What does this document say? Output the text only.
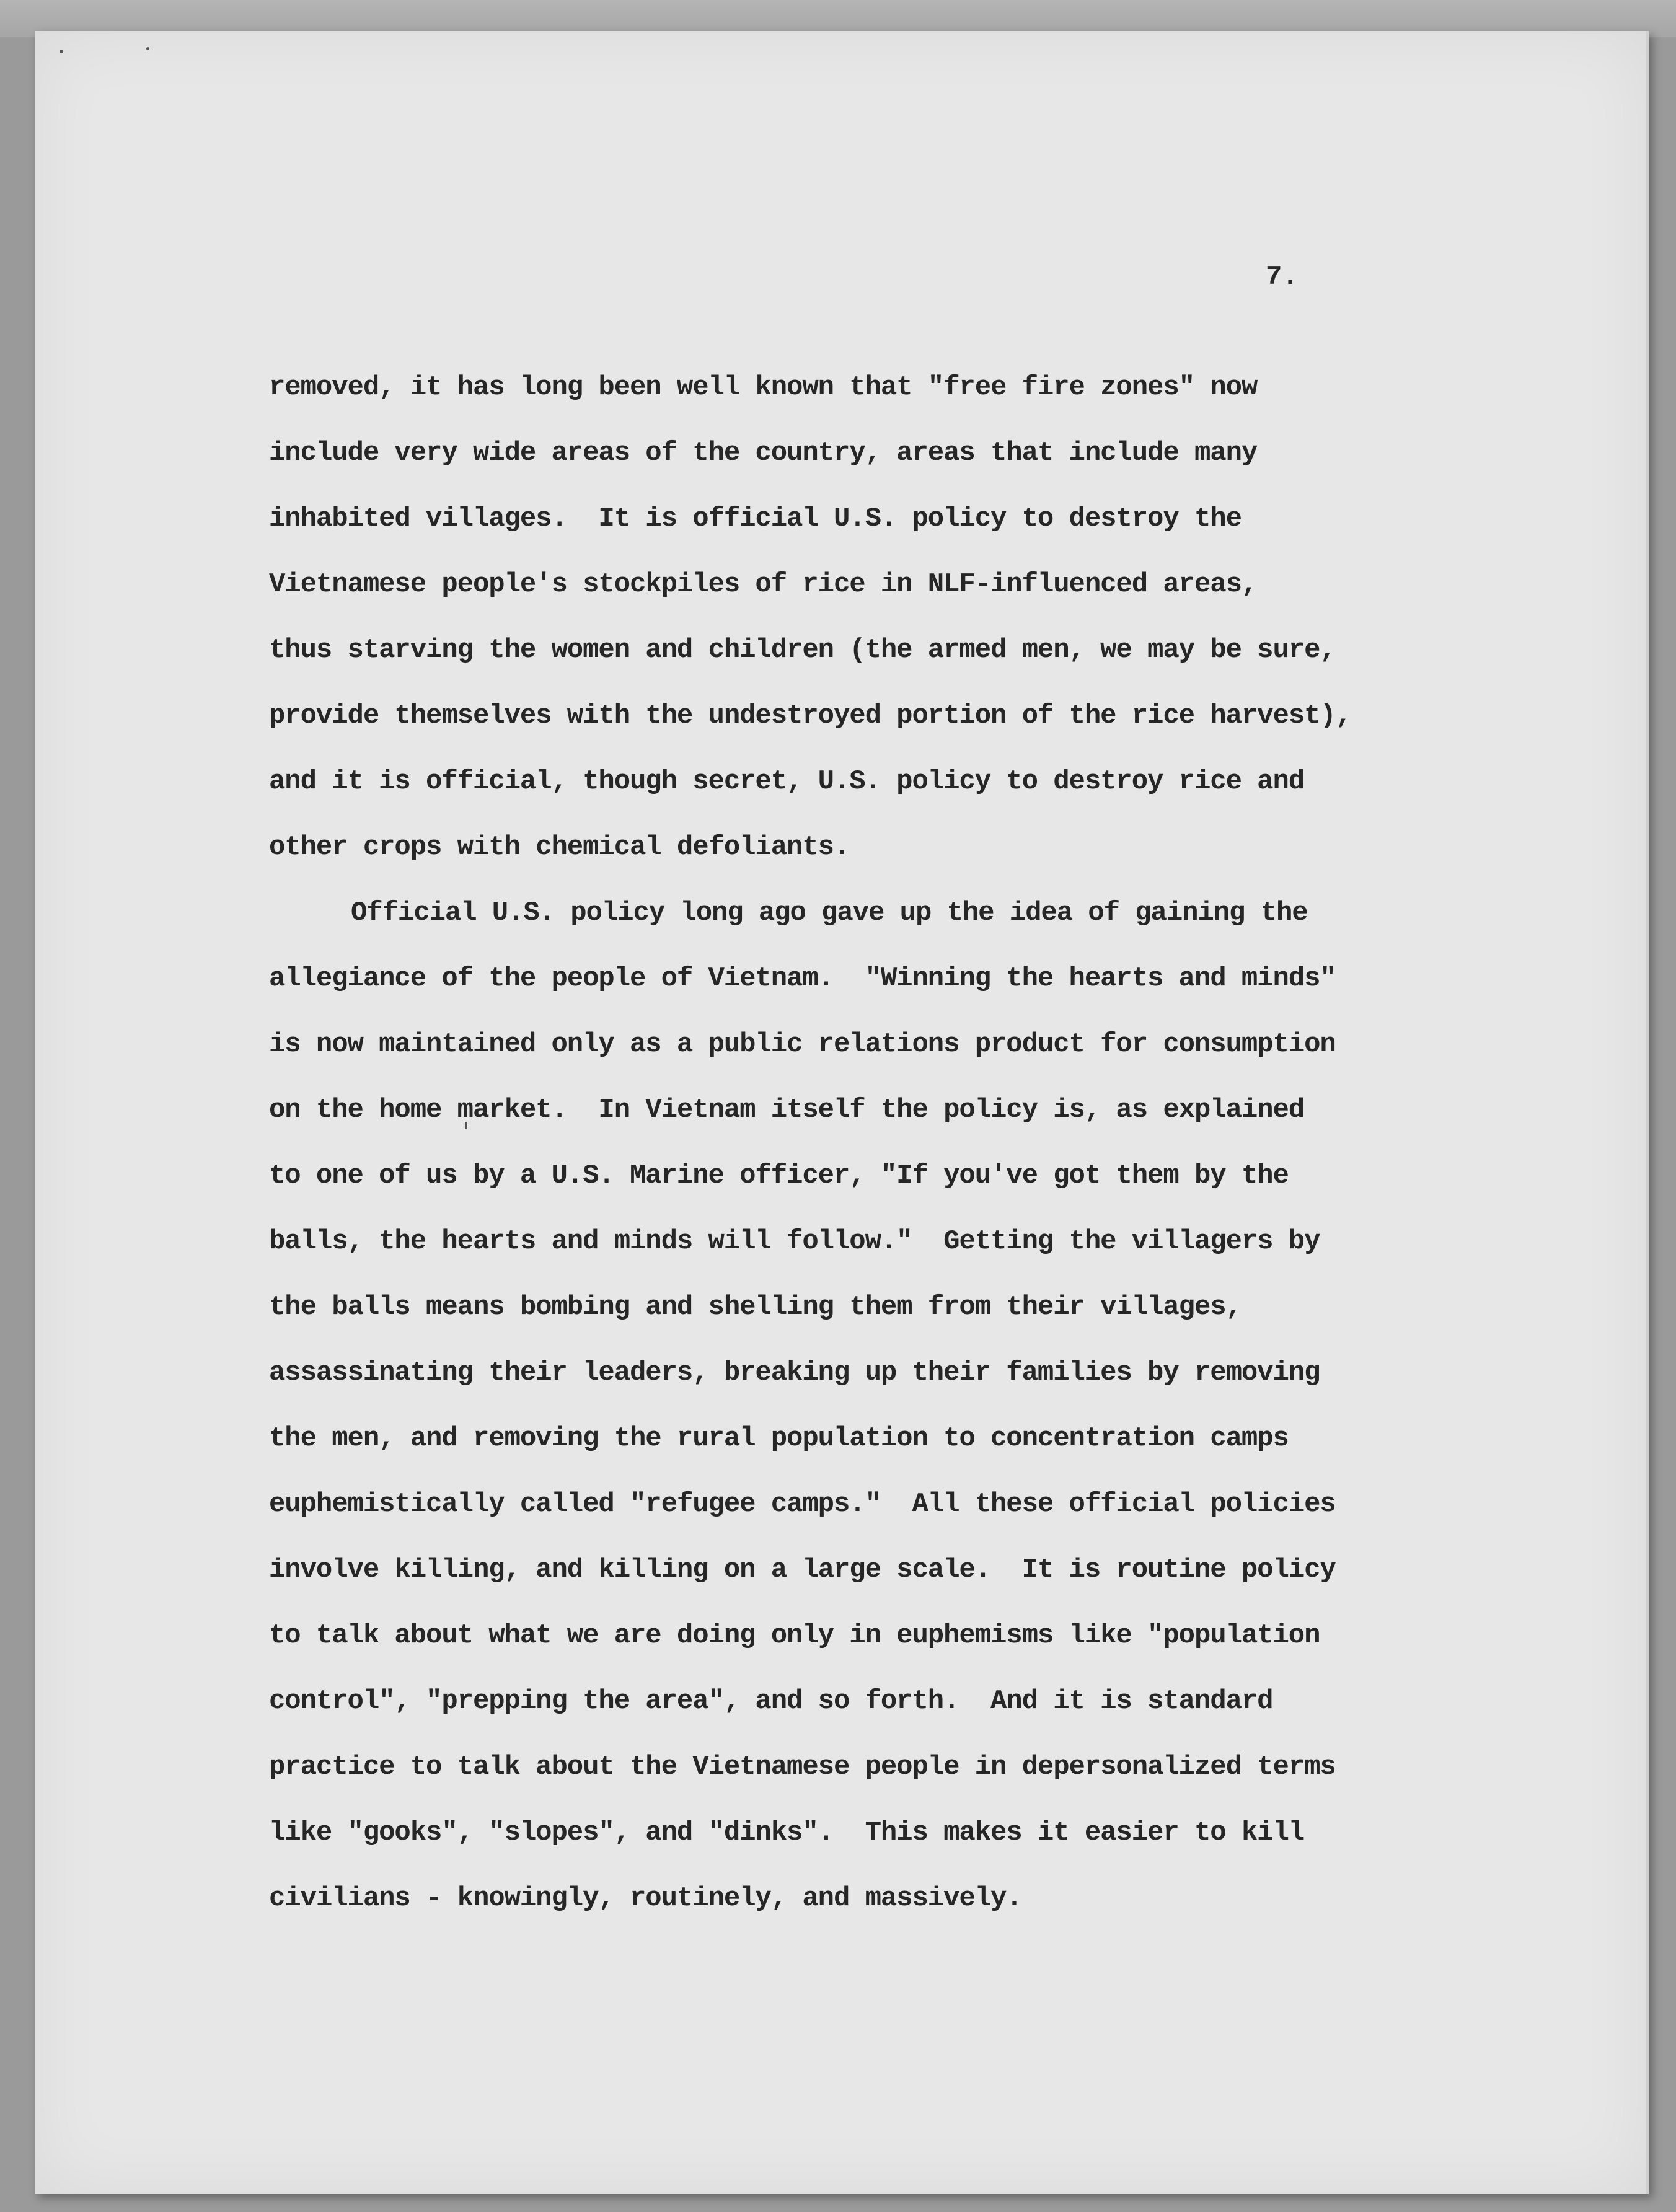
7.

removed, it has long been well known that "free fire zones" now
include very wide areas of the country, areas that include many
inhabited villages.  It is official U.S. policy to destroy the
Vietnamese people's stockpiles of rice in NLF-influenced areas,
thus starving the women and children (the armed men, we may be sure,
provide themselves with the undestroyed portion of the rice harvest),
and it is official, though secret, U.S. policy to destroy rice and
other crops with chemical defoliants.
Official U.S. policy long ago gave up the idea of gaining the
allegiance of the people of Vietnam.  "Winning the hearts and minds"
is now maintained only as a public relations product for consumption
on the home market.  In Vietnam itself the policy is, as explained
to one of us by a U.S. Marine officer, "If you've got them by the
balls, the hearts and minds will follow."  Getting the villagers by
the balls means bombing and shelling them from their villages,
assassinating their leaders, breaking up their families by removing
the men, and removing the rural population to concentration camps
euphemistically called "refugee camps."  All these official policies
involve killing, and killing on a large scale.  It is routine policy
to talk about what we are doing only in euphemisms like "population
control", "prepping the area", and so forth.  And it is standard
practice to talk about the Vietnamese people in depersonalized terms
like "gooks", "slopes", and "dinks".  This makes it easier to kill
civilians - knowingly, routinely, and massively.
